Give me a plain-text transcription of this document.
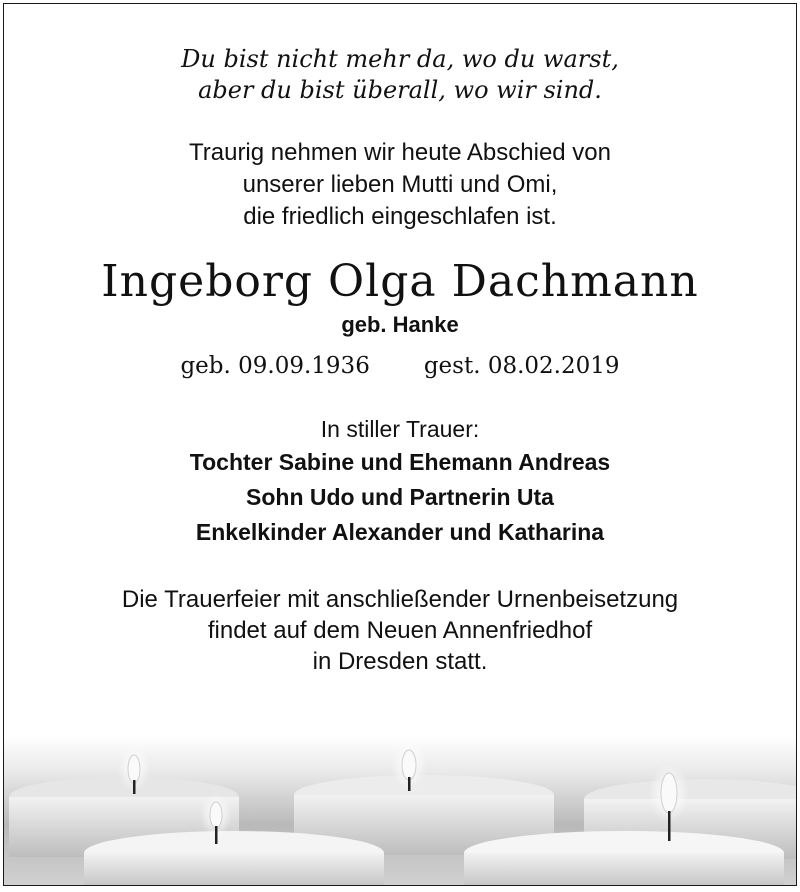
Du bist nicht mehr da, wo du warst,
aber du bist überall, wo wir sind.
Traurig nehmen wir heute Abschied von
unserer lieben Mutti und Omi,
die friedlich eingeschlafen ist.
Ingeborg Olga Dachmann
geb. Hanke
geb. 09.09.1936 gest. 08.02.2019
In stiller Trauer:
Tochter Sabine und Ehemann Andreas
Sohn Udo und Partnerin Uta
Enkelkinder Alexander und Katharina
Die Trauerfeier mit anschließender Urnenbeisetzung
findet auf dem Neuen Annenfriedhof
in Dresden statt.
